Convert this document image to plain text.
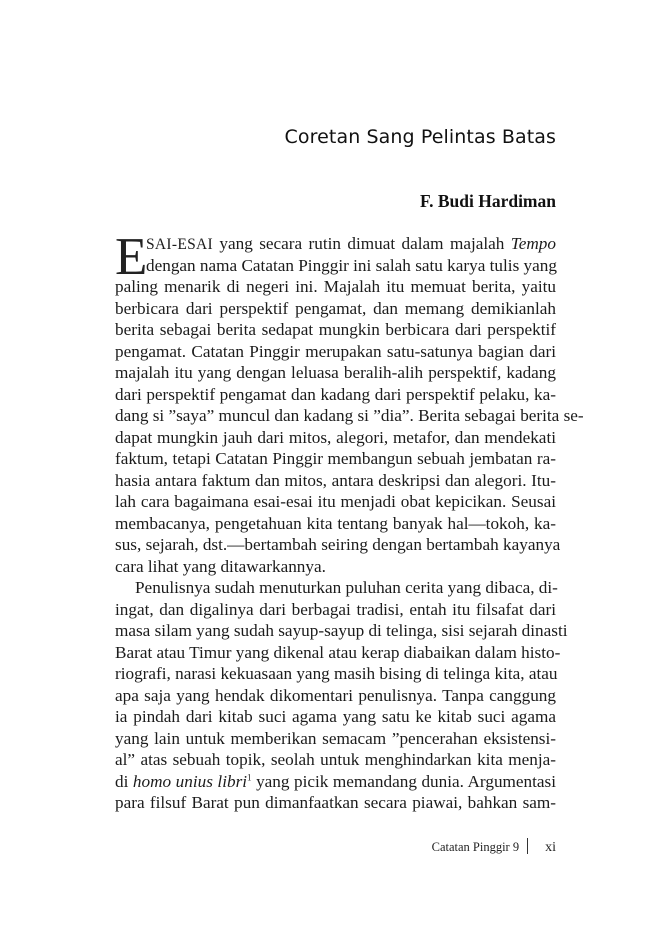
Coretan Sang Pelintas Batas
F. Budi Hardiman
E
SAI-ESAI yang secara rutin dimuat dalam majalah Tempo
dengan nama Catatan Pinggir ini salah satu karya tulis yang
paling menarik di negeri ini. Majalah itu memuat berita, yaitu
berbicara dari perspektif pengamat, dan memang demikianlah
berita sebagai berita sedapat mungkin berbicara dari perspektif
pengamat. Catatan Pinggir merupakan satu-satunya bagian dari
majalah itu yang dengan leluasa beralih-alih perspektif, kadang
dari perspektif pengamat dan kadang dari perspektif pelaku, ka-
dang si ”saya” muncul dan kadang si ”dia”. Berita sebagai berita se-
dapat mungkin jauh dari mitos, alegori, metafor, dan mendekati
faktum, tetapi Catatan Pinggir membangun sebuah jembatan ra-
hasia antara faktum dan mitos, antara deskripsi dan alegori. Itu-
lah cara bagaimana esai-esai itu menjadi obat kepicikan. Seusai
membacanya, pengetahuan kita tentang banyak hal—tokoh, ka-
sus, sejarah, dst.—bertambah seiring dengan bertambah kayanya
cara lihat yang ditawarkannya.
Penulisnya sudah menuturkan puluhan cerita yang dibaca, di-
ingat, dan digalinya dari berbagai tradisi, entah itu filsafat dari
masa silam yang sudah sayup-sayup di telinga, sisi sejarah dinasti
Barat atau Timur yang dikenal atau kerap diabaikan dalam histo-
riografi, narasi kekuasaan yang masih bising di telinga kita, atau
apa saja yang hendak dikomentari penulisnya. Tanpa canggung
ia pindah dari kitab suci agama yang satu ke kitab suci agama
yang lain untuk memberikan semacam ”pencerahan eksistensi-
al” atas sebuah topik, seolah untuk menghindarkan kita menja-
di homo unius libri$^1$ yang picik memandang dunia. Argumentasi
para filsuf Barat pun dimanfaatkan secara piawai, bahkan sam-
Catatan Pinggir 9 xi
